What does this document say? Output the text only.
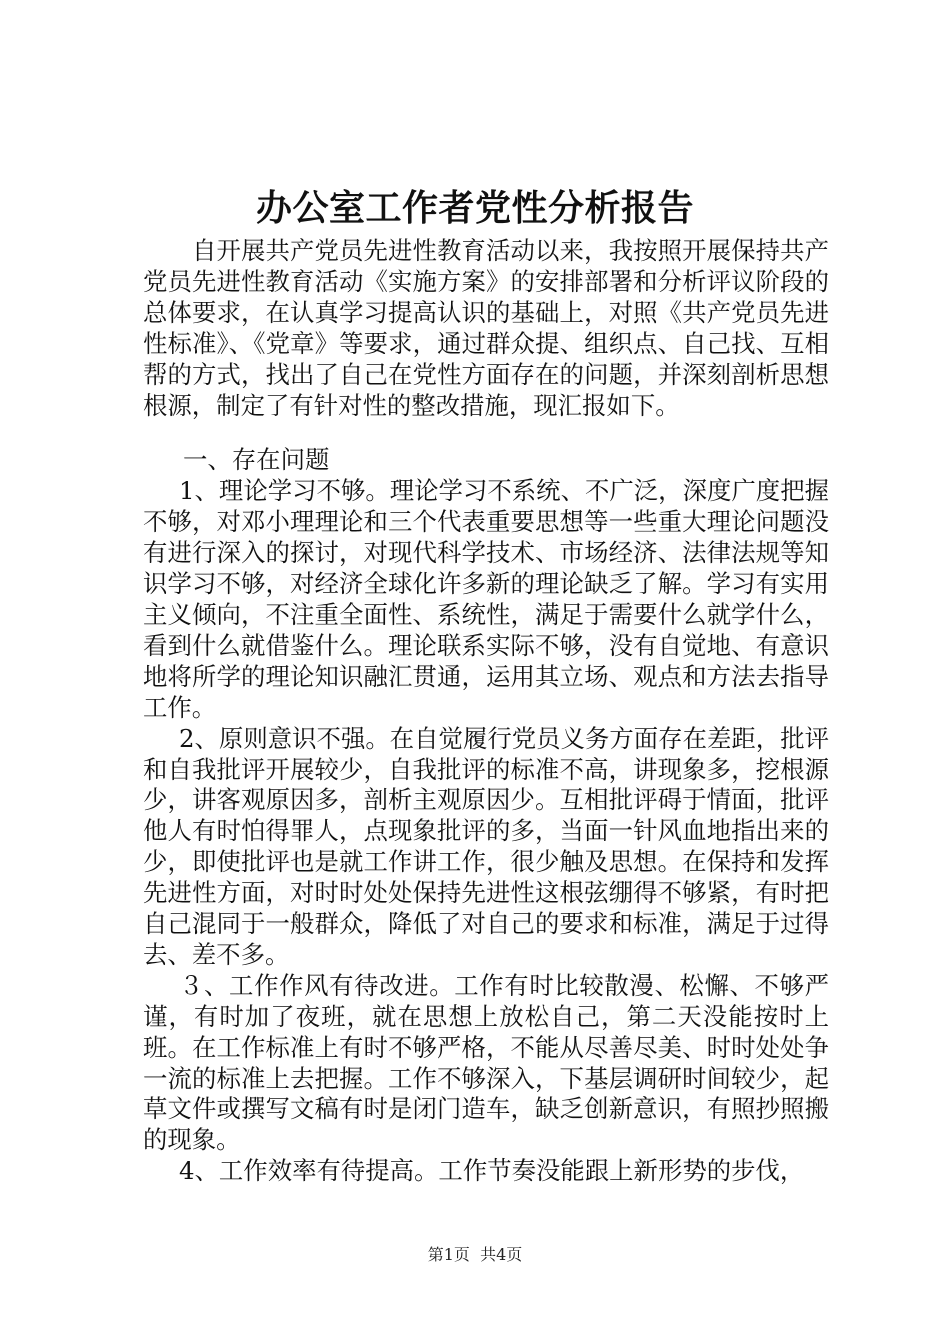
办公室工作者党性分析报告

自开展共产党员先进性教育活动以来，我按照开展保持共产党员先进性教育活动《实施方案》的安排部署和分析评议阶段的总体要求，在认真学习提高认识的基础上，对照《共产党员先进性标准》、《党章》等要求，通过群众提、组织点、自己找、互相帮的方式，找出了自己在党性方面存在的问题，并深刻剖析思想根源，制定了有针对性的整改措施，现汇报如下。

一、存在问题

1、理论学习不够。理论学习不系统、不广泛，深度广度把握不够，对邓小理理论和三个代表重要思想等一些重大理论问题没有进行深入的探讨，对现代科学技术、市场经济、法律法规等知识学习不够，对经济全球化许多新的理论缺乏了解。学习有实用主义倾向，不注重全面性、系统性，满足于需要什么就学什么，看到什么就借鉴什么。理论联系实际不够，没有自觉地、有意识地将所学的理论知识融汇贯通，运用其立场、观点和方法去指导工作。

2、原则意识不强。在自觉履行党员义务方面存在差距，批评和自我批评开展较少，自我批评的标准不高，讲现象多，挖根源少，讲客观原因多，剖析主观原因少。互相批评碍于情面，批评他人有时怕得罪人，点现象批评的多，当面一针风血地指出来的少，即使批评也是就工作讲工作，很少触及思想。在保持和发挥先进性方面，对时时处处保持先进性这根弦绷得不够紧，有时把自己混同于一般群众，降低了对自己的要求和标准，满足于过得去、差不多。

３、工作作风有待改进。工作有时比较散漫、松懈、不够严谨，有时加了夜班，就在思想上放松自己，第二天没能按时上班。在工作标准上有时不够严格，不能从尽善尽美、时时处处争一流的标准上去把握。工作不够深入，下基层调研时间较少，起草文件或撰写文稿有时是闭门造车，缺乏创新意识，有照抄照搬的现象。

4、工作效率有待提高。工作节奏没能跟上新形势的步伐，

第1页 共4页
